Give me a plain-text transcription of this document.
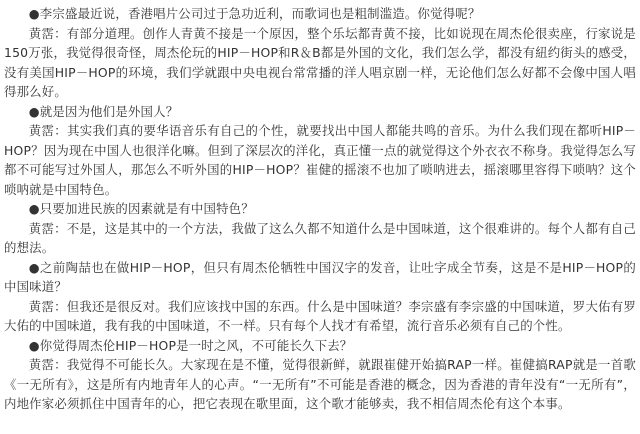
●李宗盛最近说，香港唱片公司过于急功近利，而歌词也是粗制滥造。你觉得呢？

黄霑：有部分道理。创作人青黄不接是一个原因，整个乐坛都青黄不接，比如说现在周杰伦很卖座，行家说是150万张，我觉得很奇怪，周杰伦玩的HIP－HOP和R＆B都是外国的文化，我们怎么学，都没有紐约街头的感受，没有美国HIP－HOP的环境，我们学就跟中央电视台常常播的洋人唱京剧一样，无论他们怎么好都不会像中国人唱得那么好。

●就是因为他们是外国人？

黄霑：其实我们真的要华语音乐有自己的个性，就要找出中国人都能共鸣的音乐。为什么我们现在都听HIP－HOP？因为现在中国人也很洋化嘛。但到了深层次的洋化，真正懂一点的就觉得这个外衣衣不称身。我觉得怎么写都不可能写过外国人，那怎么不听外国的HIP－HOP？崔健的摇滚不也加了唢呐进去，摇滚哪里容得下唢呐？这个唢呐就是中国特色。

●只要加进民族的因素就是有中国特色？

黄霑：不是，这是其中的一个方法，我做了这么久都不知道什么是中国味道，这个很难讲的。每个人都有自己的想法。

●之前陶喆也在做HIP－HOP，但只有周杰伦牺牲中国汉字的发音，让吐字成全节奏，这是不是HIP－HOP的中国味道？

黄霑：但我还是很反对。我们应该找中国的东西。什么是中国味道？李宗盛有李宗盛的中国味道，罗大佑有罗大佑的中国味道，我有我的中国味道，不一样。只有每个人找才有希望，流行音乐必须有自己的个性。

●你觉得周杰伦HIP－HOP是一时之风，不可能长久下去？

黄霑：我觉得不可能长久。大家现在是不懂，觉得很新鲜，就跟崔健开始搞RAP一样。崔健搞RAP就是一首歌《一无所有》，这是所有内地青年人的心声。“一无所有”不可能是香港的概念，因为香港的青年没有“一无所有”，内地作家必须抓住中国青年的心，把它表现在歌里面，这个歌才能够卖，我不相信周杰伦有这个本事。
